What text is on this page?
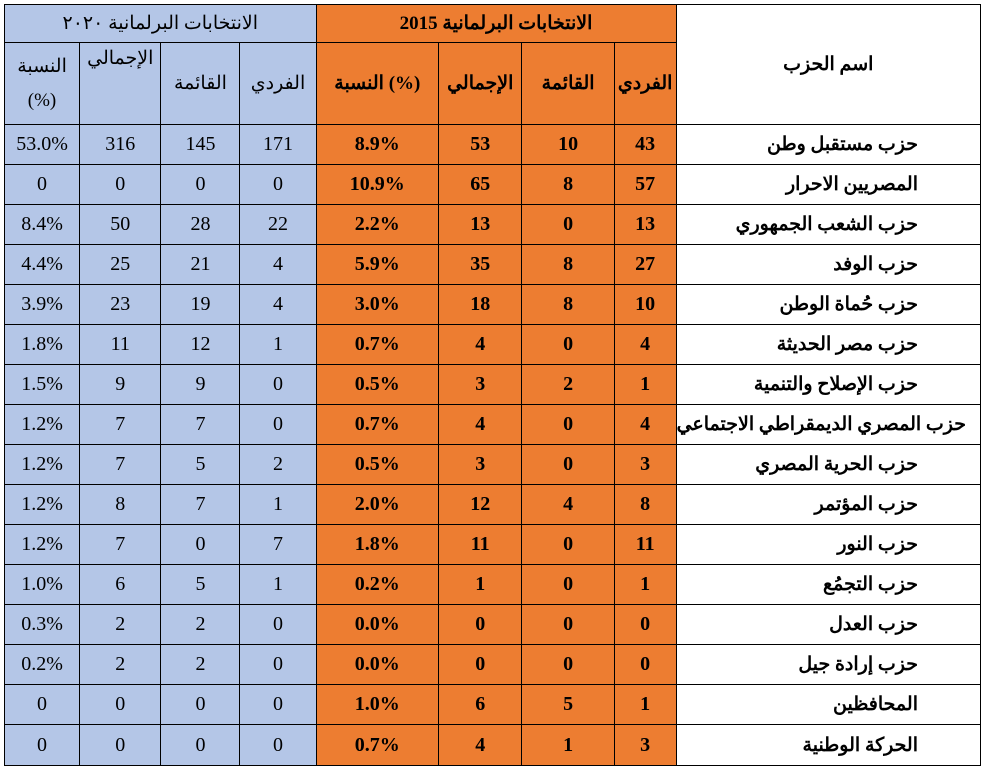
الانتخابات البرلمانية ٢٠٢٠				الانتخابات البرلمانية 2015				اسم الحزب
النسبة
(%)	الإجمالي	القائمة	الفردي	النسبة (%)	الإجمالي	القائمة	الفردي	
53.0%	316	145	171	8.9%	53	10	43	حزب مستقبل وطن
0	0	0	0	10.9%	65	8	57	المصريين الاحرار
8.4%	50	28	22	2.2%	13	0	13	حزب الشعب الجمهوري
4.4%	25	21	4	5.9%	35	8	27	حزب الوفد
3.9%	23	19	4	3.0%	18	8	10	حزب حُماة الوطن
1.8%	11	12	1	0.7%	4	0	4	حزب مصر الحديثة
1.5%	9	9	0	0.5%	3	2	1	حزب الإصلاح والتنمية
1.2%	7	7	0	0.7%	4	0	4	حزب المصري الديمقراطي الاجتماعي
1.2%	7	5	2	0.5%	3	0	3	حزب الحرية المصري
1.2%	8	7	1	2.0%	12	4	8	حزب المؤتمر
1.2%	7	0	7	1.8%	11	0	11	حزب النور
1.0%	6	5	1	0.2%	1	0	1	حزب التجمُع
0.3%	2	2	0	0.0%	0	0	0	حزب العدل
0.2%	2	2	0	0.0%	0	0	0	حزب إرادة جيل
0	0	0	0	1.0%	6	5	1	المحافظين
0	0	0	0	0.7%	4	1	3	الحركة الوطنية
